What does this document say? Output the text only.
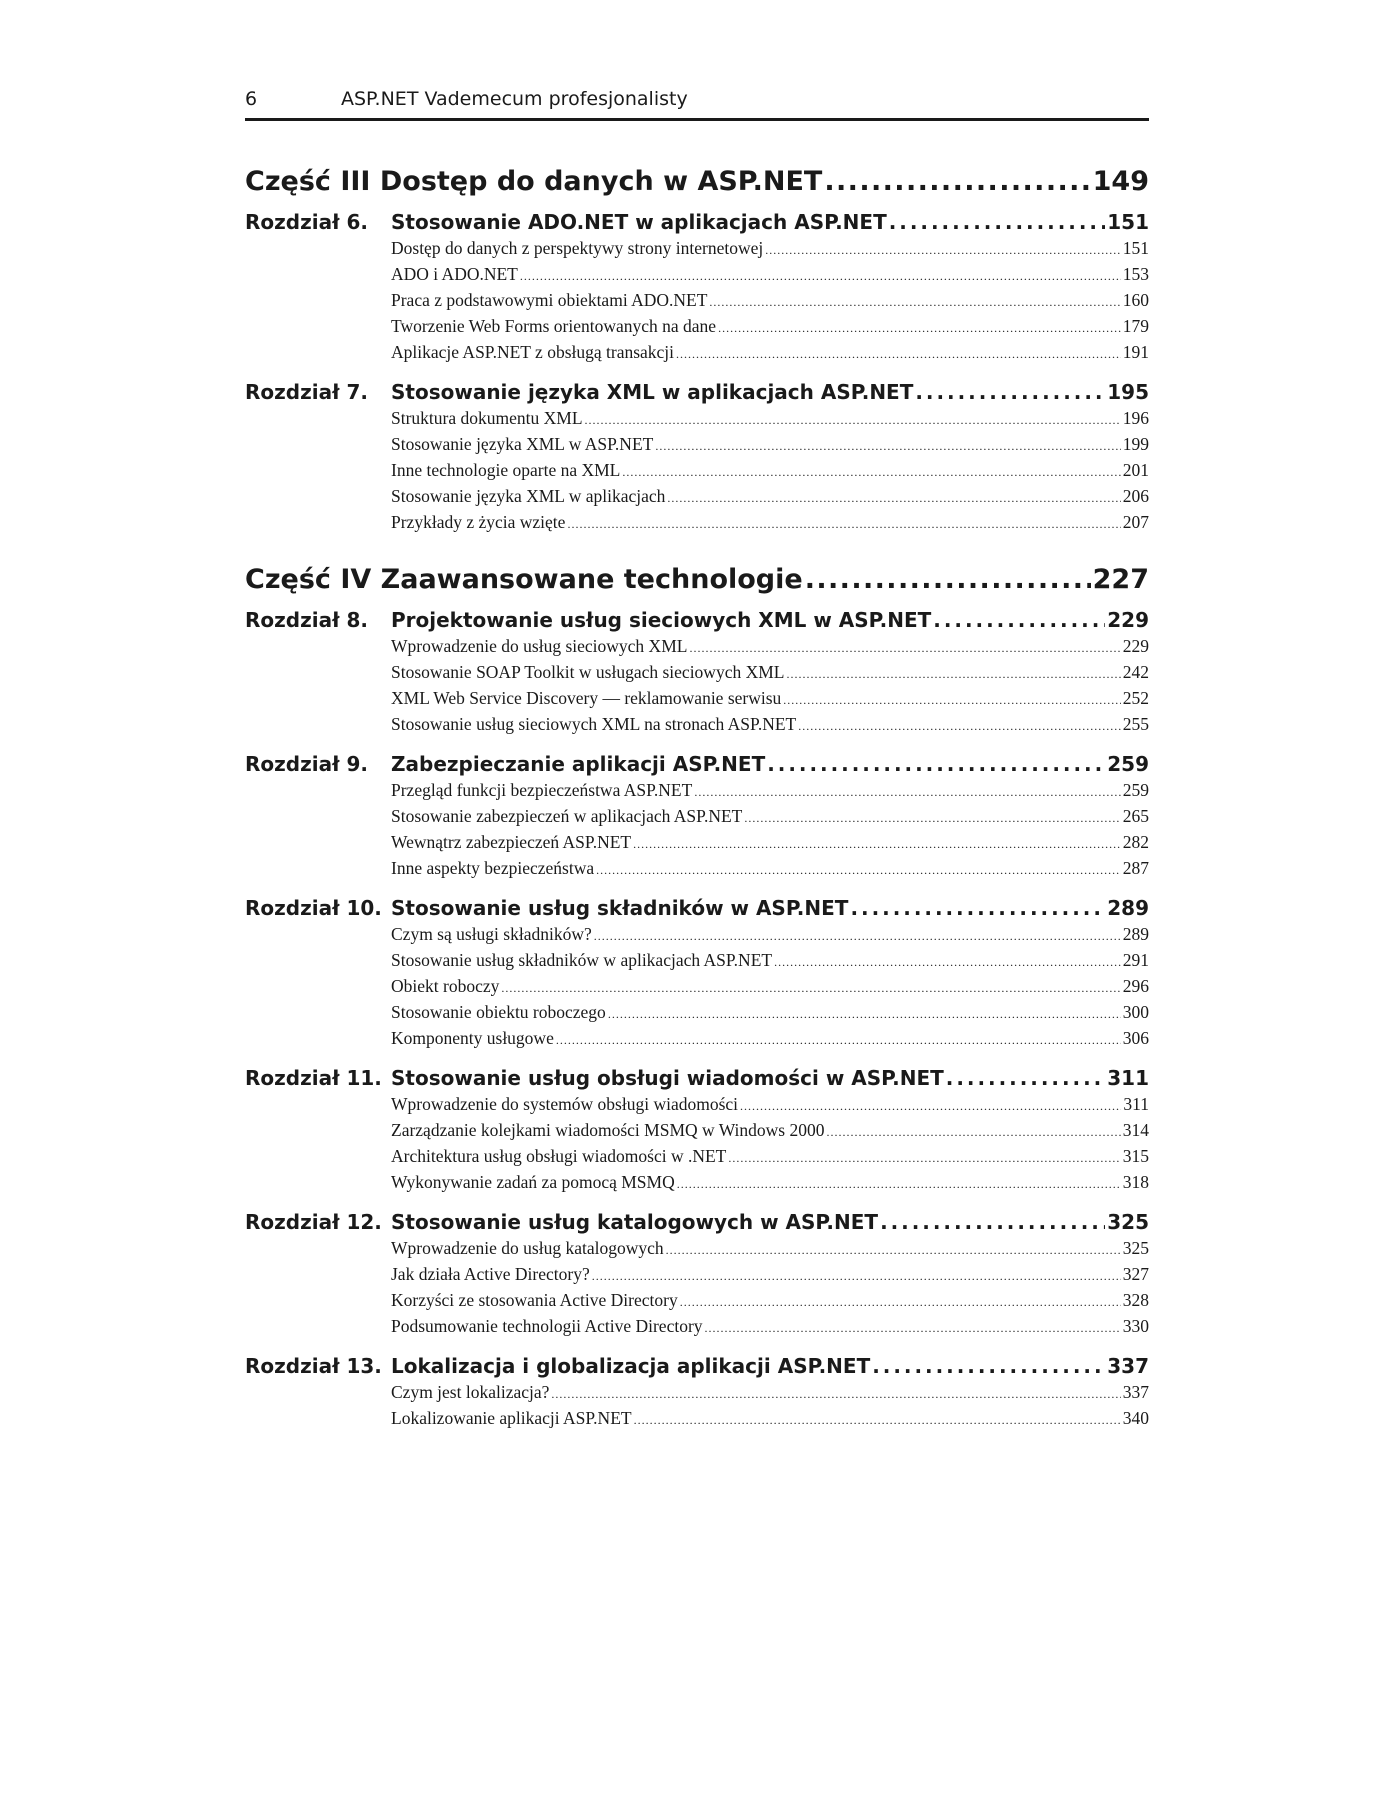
6	ASP.NET Vademecum profesjonalisty
Część III Dostęp do danych w ASP.NET . . .	149
Rozdział 6.	Stosowanie ADO.NET w aplikacjach ASP.NET . . .	151
Dostęp do danych z perspektywy strony internetowej . . .	151
ADO i ADO.NET . . .	153
Praca z podstawowymi obiektami ADO.NET . . .	160
Tworzenie Web Forms orientowanych na dane . . .	179
Aplikacje ASP.NET z obsługą transakcji . . .	191
Rozdział 7.	Stosowanie języka XML w aplikacjach ASP.NET . . .	195
Struktura dokumentu XML . . .	196
Stosowanie języka XML w ASP.NET . . .	199
Inne technologie oparte na XML . . .	201
Stosowanie języka XML w aplikacjach . . .	206
Przykłady z życia wzięte . . .	207
Część IV Zaawansowane technologie . . .	227
Rozdział 8.	Projektowanie usług sieciowych XML w ASP.NET . . .	229
Wprowadzenie do usług sieciowych XML . . .	229
Stosowanie SOAP Toolkit w usługach sieciowych XML . . .	242
XML Web Service Discovery — reklamowanie serwisu . . .	252
Stosowanie usług sieciowych XML na stronach ASP.NET . . .	255
Rozdział 9.	Zabezpieczanie aplikacji ASP.NET . . .	259
Przegląd funkcji bezpieczeństwa ASP.NET . . .	259
Stosowanie zabezpieczeń w aplikacjach ASP.NET . . .	265
Wewnątrz zabezpieczeń ASP.NET . . .	282
Inne aspekty bezpieczeństwa . . .	287
Rozdział 10. Stosowanie usług składników w ASP.NET . . .	289
Czym są usługi składników? . . .	289
Stosowanie usług składników w aplikacjach ASP.NET . . .	291
Obiekt roboczy . . .	296
Stosowanie obiektu roboczego . . .	300
Komponenty usługowe . . .	306
Rozdział 11. Stosowanie usług obsługi wiadomości w ASP.NET . . .	311
Wprowadzenie do systemów obsługi wiadomości . . .	311
Zarządzanie kolejkami wiadomości MSMQ w Windows 2000 . . .	314
Architektura usług obsługi wiadomości w .NET . . .	315
Wykonywanie zadań za pomocą MSMQ . . .	318
Rozdział 12. Stosowanie usług katalogowych w ASP.NET . . .	325
Wprowadzenie do usług katalogowych . . .	325
Jak działa Active Directory? . . .	327
Korzyści ze stosowania Active Directory . . .	328
Podsumowanie technologii Active Directory . . .	330
Rozdział 13. Lokalizacja i globalizacja aplikacji ASP.NET . . .	337
Czym jest lokalizacja? . . .	337
Lokalizowanie aplikacji ASP.NET . . .	340
